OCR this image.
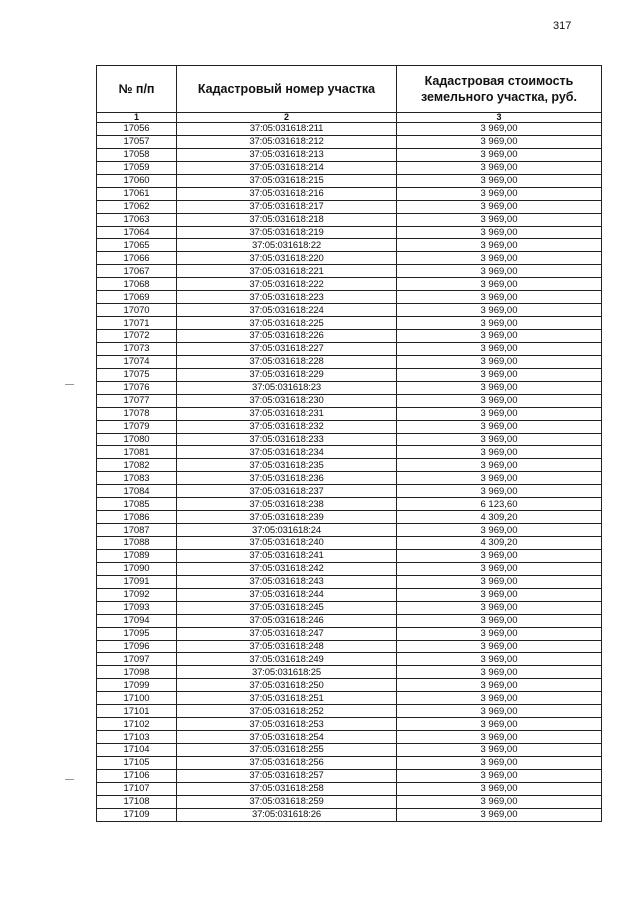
317
№ п/п	Кадастровый номер участка	Кадастровая стоимость земельного участка, руб.
1	2	3
17056	37:05:031618:211	3 969,00
17057	37:05:031618:212	3 969,00
17058	37:05:031618:213	3 969,00
17059	37:05:031618:214	3 969,00
17060	37:05:031618:215	3 969,00
17061	37:05:031618:216	3 969,00
17062	37:05:031618:217	3 969,00
17063	37:05:031618:218	3 969,00
17064	37:05:031618:219	3 969,00
17065	37:05:031618:22	3 969,00
17066	37:05:031618:220	3 969,00
17067	37:05:031618:221	3 969,00
17068	37:05:031618:222	3 969,00
17069	37:05:031618:223	3 969,00
17070	37:05:031618:224	3 969,00
17071	37:05:031618:225	3 969,00
17072	37:05:031618:226	3 969,00
17073	37:05:031618:227	3 969,00
17074	37:05:031618:228	3 969,00
17075	37:05:031618:229	3 969,00
17076	37:05:031618:23	3 969,00
17077	37:05:031618:230	3 969,00
17078	37:05:031618:231	3 969,00
17079	37:05:031618:232	3 969,00
17080	37:05:031618:233	3 969,00
17081	37:05:031618:234	3 969,00
17082	37:05:031618:235	3 969,00
17083	37:05:031618:236	3 969,00
17084	37:05:031618:237	3 969,00
17085	37:05:031618:238	6 123,60
17086	37:05:031618:239	4 309,20
17087	37:05:031618:24	3 969,00
17088	37:05:031618:240	4 309,20
17089	37:05:031618:241	3 969,00
17090	37:05:031618:242	3 969,00
17091	37:05:031618:243	3 969,00
17092	37:05:031618:244	3 969,00
17093	37:05:031618:245	3 969,00
17094	37:05:031618:246	3 969,00
17095	37:05:031618:247	3 969,00
17096	37:05:031618:248	3 969,00
17097	37:05:031618:249	3 969,00
17098	37:05:031618:25	3 969,00
17099	37:05:031618:250	3 969,00
17100	37:05:031618:251	3 969,00
17101	37:05:031618:252	3 969,00
17102	37:05:031618:253	3 969,00
17103	37:05:031618:254	3 969,00
17104	37:05:031618:255	3 969,00
17105	37:05:031618:256	3 969,00
17106	37:05:031618:257	3 969,00
17107	37:05:031618:258	3 969,00
17108	37:05:031618:259	3 969,00
17109	37:05:031618:26	3 969,00
